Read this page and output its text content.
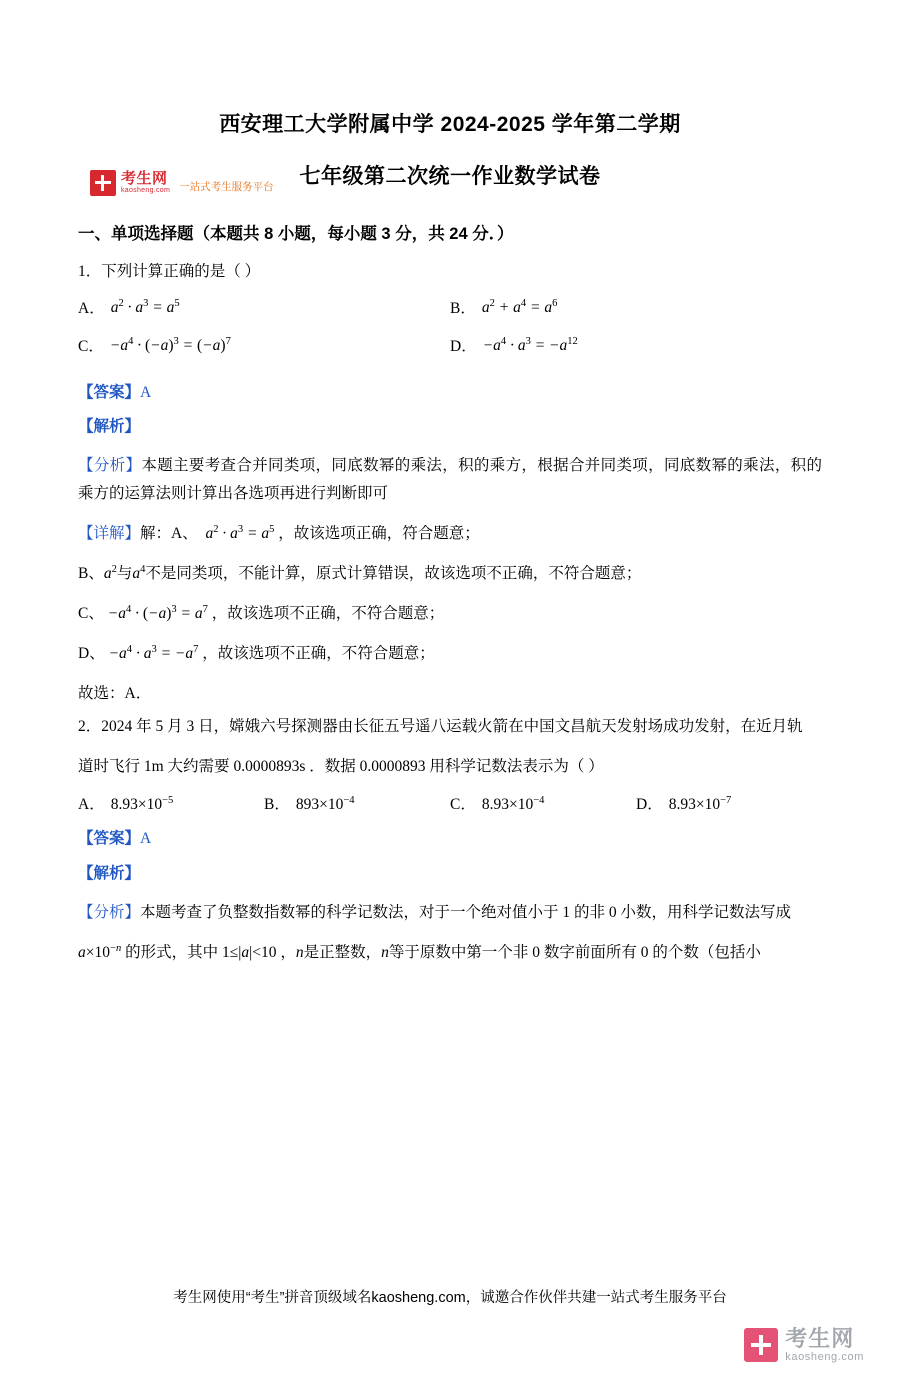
考生网
kaosheng.com 一站式考生服务平台
西安理工大学附属中学 2024-2025 学年第二学期
七年级第二次统一作业数学试卷
一、单项选择题（本题共 8 小题，每小题 3 分，共 24 分．）
1．下列计算正确的是（ ）
A． $a^2 \cdot a^3 = a^5$	B． $a^2 + a^4 = a^6$
C． $-a^4 \cdot (-a)^3 = (-a)^7$	D． $-a^4 \cdot a^3 = -a^{12}$
【答案】A
【解析】
【分析】本题主要考查合并同类项，同底数幂的乘法，积的乘方，根据合并同类项，同底数幂的乘法，积的乘方的运算法则计算出各选项再进行判断即可
【详解】解：A、 $a^2 \cdot a^3 = a^5$ ，故该选项正确，符合题意；
B、$a^2$与$a^4$不是同类项，不能计算，原式计算错误，故该选项不正确，不符合题意；
C、 $-a^4 \cdot (-a)^3 = a^7$ ，故该选项不正确，不符合题意；
D、 $-a^4 \cdot a^3 = -a^7$ ，故该选项不正确，不符合题意；
故选：A．
2．2024 年 5 月 3 日，嫦娥六号探测器由长征五号遥八运载火箭在中国文昌航天发射场成功发射，在近月轨
道时飞行 1m 大约需要 0.0000893s ．数据 0.0000893 用科学记数法表示为（ ）
A． $8.93\times 10^{-5}$	B． $893\times 10^{-4}$	C． $8.93\times 10^{-4}$	D． $8.93\times 10^{-7}$
【答案】A
【解析】
【分析】本题考查了负整数指数幂的科学记数法，对于一个绝对值小于 1 的非 0 小数，用科学记数法写成
$a\times 10^{-n}$ 的形式，其中 1≤|a|<10 ，n是正整数，n等于原数中第一个非 0 数字前面所有 0 的个数（包括小
考生网使用“考生”拼音顶级域名kaosheng.com，诚邀合作伙伴共建一站式考生服务平台
考生网
kaosheng.com
